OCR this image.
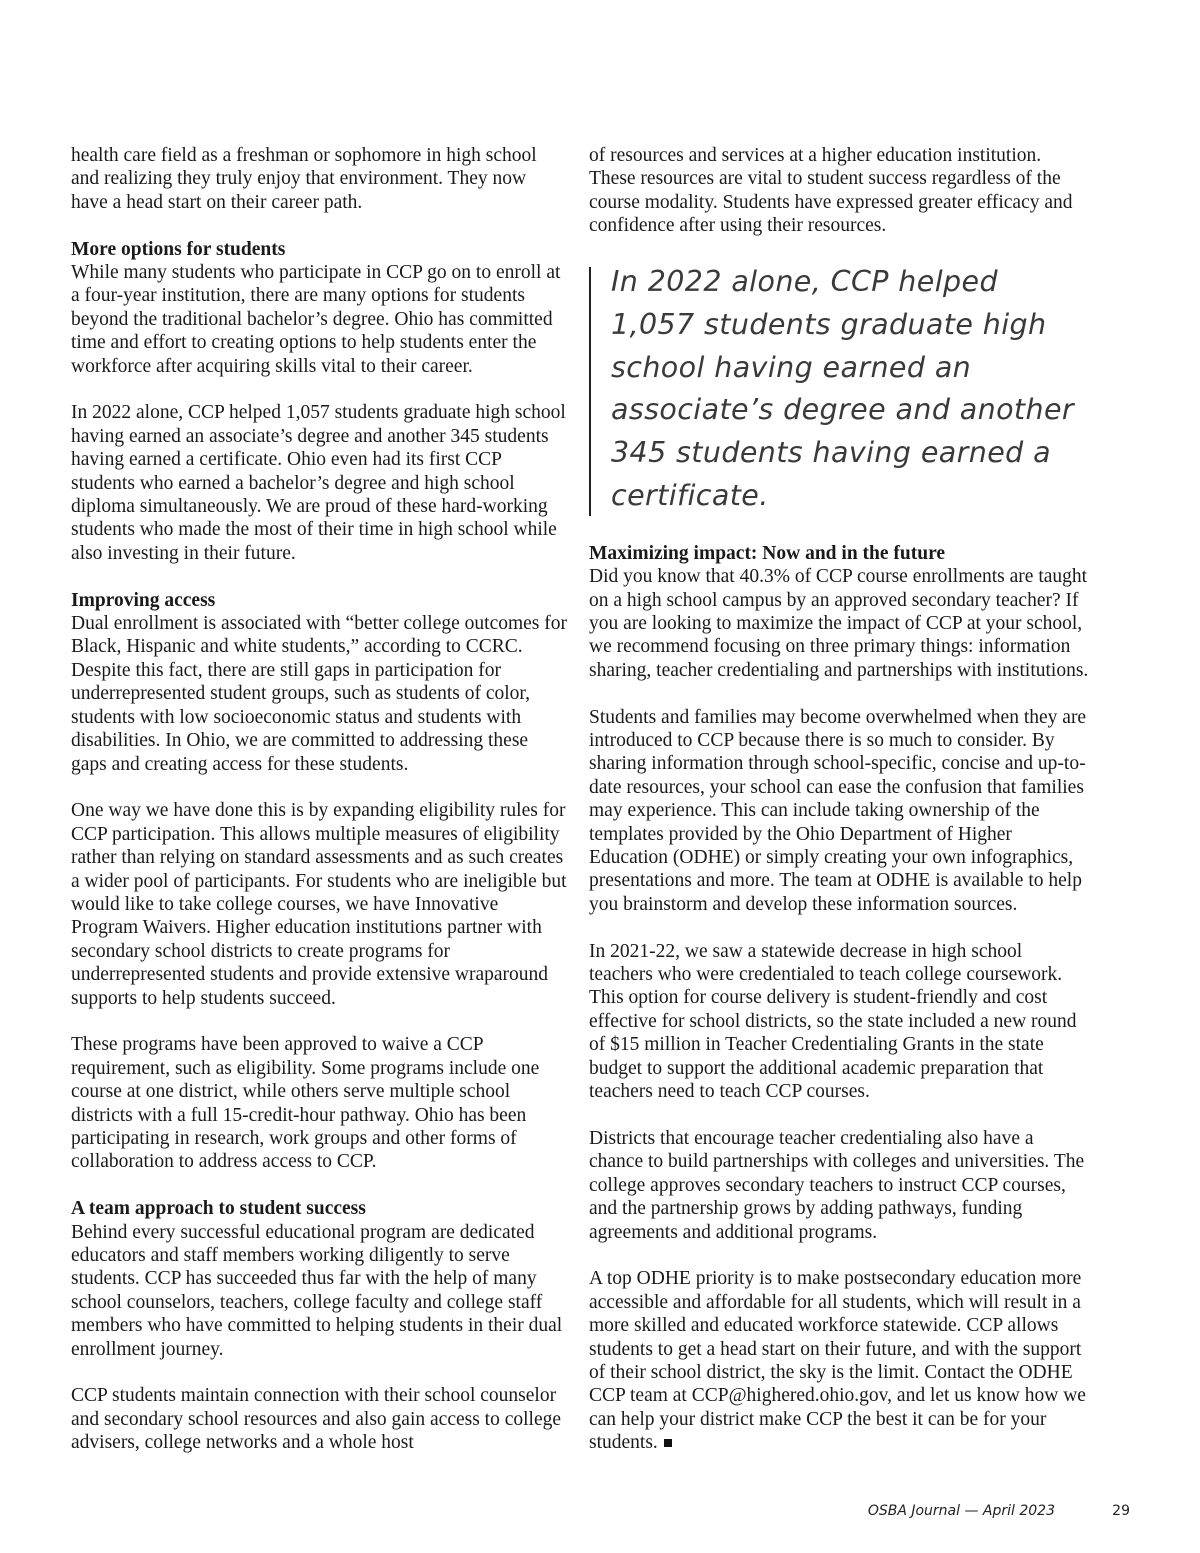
health care field as a freshman or sophomore in high school and realizing they truly enjoy that environment. They now have a head start on their career path.

More options for students

While many students who participate in CCP go on to enroll at a four-year institution, there are many options for students beyond the traditional bachelor’s degree. Ohio has committed time and effort to creating options to help students enter the workforce after acquiring skills vital to their career.

In 2022 alone, CCP helped 1,057 students graduate high school having earned an associate’s degree and another 345 students having earned a certificate. Ohio even had its first CCP students who earned a bachelor’s degree and high school diploma simultaneously. We are proud of these hard-working students who made the most of their time in high school while also investing in their future.

Improving access

Dual enrollment is associated with “better college outcomes for Black, Hispanic and white students,” according to CCRC. Despite this fact, there are still gaps in participation for underrepresented student groups, such as students of color, students with low socioeconomic status and students with disabilities. In Ohio, we are committed to addressing these gaps and creating access for these students.

One way we have done this is by expanding eligibility rules for CCP participation. This allows multiple measures of eligibility rather than relying on standard assessments and as such creates a wider pool of participants. For students who are ineligible but would like to take college courses, we have Innovative Program Waivers. Higher education institutions partner with secondary school districts to create programs for underrepresented students and provide extensive wraparound supports to help students succeed.

These programs have been approved to waive a CCP requirement, such as eligibility. Some programs include one course at one district, while others serve multiple school districts with a full 15-credit-hour pathway. Ohio has been participating in research, work groups and other forms of collaboration to address access to CCP.

A team approach to student success

Behind every successful educational program are dedicated educators and staff members working diligently to serve students. CCP has succeeded thus far with the help of many school counselors, teachers, college faculty and college staff members who have committed to helping students in their dual enrollment journey.

CCP students maintain connection with their school counselor and secondary school resources and also gain access to college advisers, college networks and a whole host

of resources and services at a higher education institution. These resources are vital to student success regardless of the course modality. Students have expressed greater efficacy and confidence after using their resources.

In 2022 alone, CCP helped 1,057 students graduate high school having earned an associate’s degree and another 345 students having earned a certificate.
Maximizing impact: Now and in the future

Did you know that 40.3% of CCP course enrollments are taught on a high school campus by an approved secondary teacher? If you are looking to maximize the impact of CCP at your school, we recommend focusing on three primary things: information sharing, teacher credentialing and partnerships with institutions.

Students and families may become overwhelmed when they are introduced to CCP because there is so much to consider. By sharing information through school-specific, concise and up-to-date resources, your school can ease the confusion that families may experience. This can include taking ownership of the templates provided by the Ohio Department of Higher Education (ODHE) or simply creating your own infographics, presentations and more. The team at ODHE is available to help you brainstorm and develop these information sources.

In 2021-22, we saw a statewide decrease in high school teachers who were credentialed to teach college coursework. This option for course delivery is student-friendly and cost effective for school districts, so the state included a new round of $15 million in Teacher Credentialing Grants in the state budget to support the additional academic preparation that teachers need to teach CCP courses.

Districts that encourage teacher credentialing also have a chance to build partnerships with colleges and universities. The college approves secondary teachers to instruct CCP courses, and the partnership grows by adding pathways, funding agreements and additional programs.

A top ODHE priority is to make postsecondary education more accessible and affordable for all students, which will result in a more skilled and educated workforce statewide. CCP allows students to get a head start on their future, and with the support of their school district, the sky is the limit. Contact the ODHE CCP team at CCP@highered.ohio.gov, and let us know how we can help your district make CCP the best it can be for your students.

OSBA Journal — April 2023	29
